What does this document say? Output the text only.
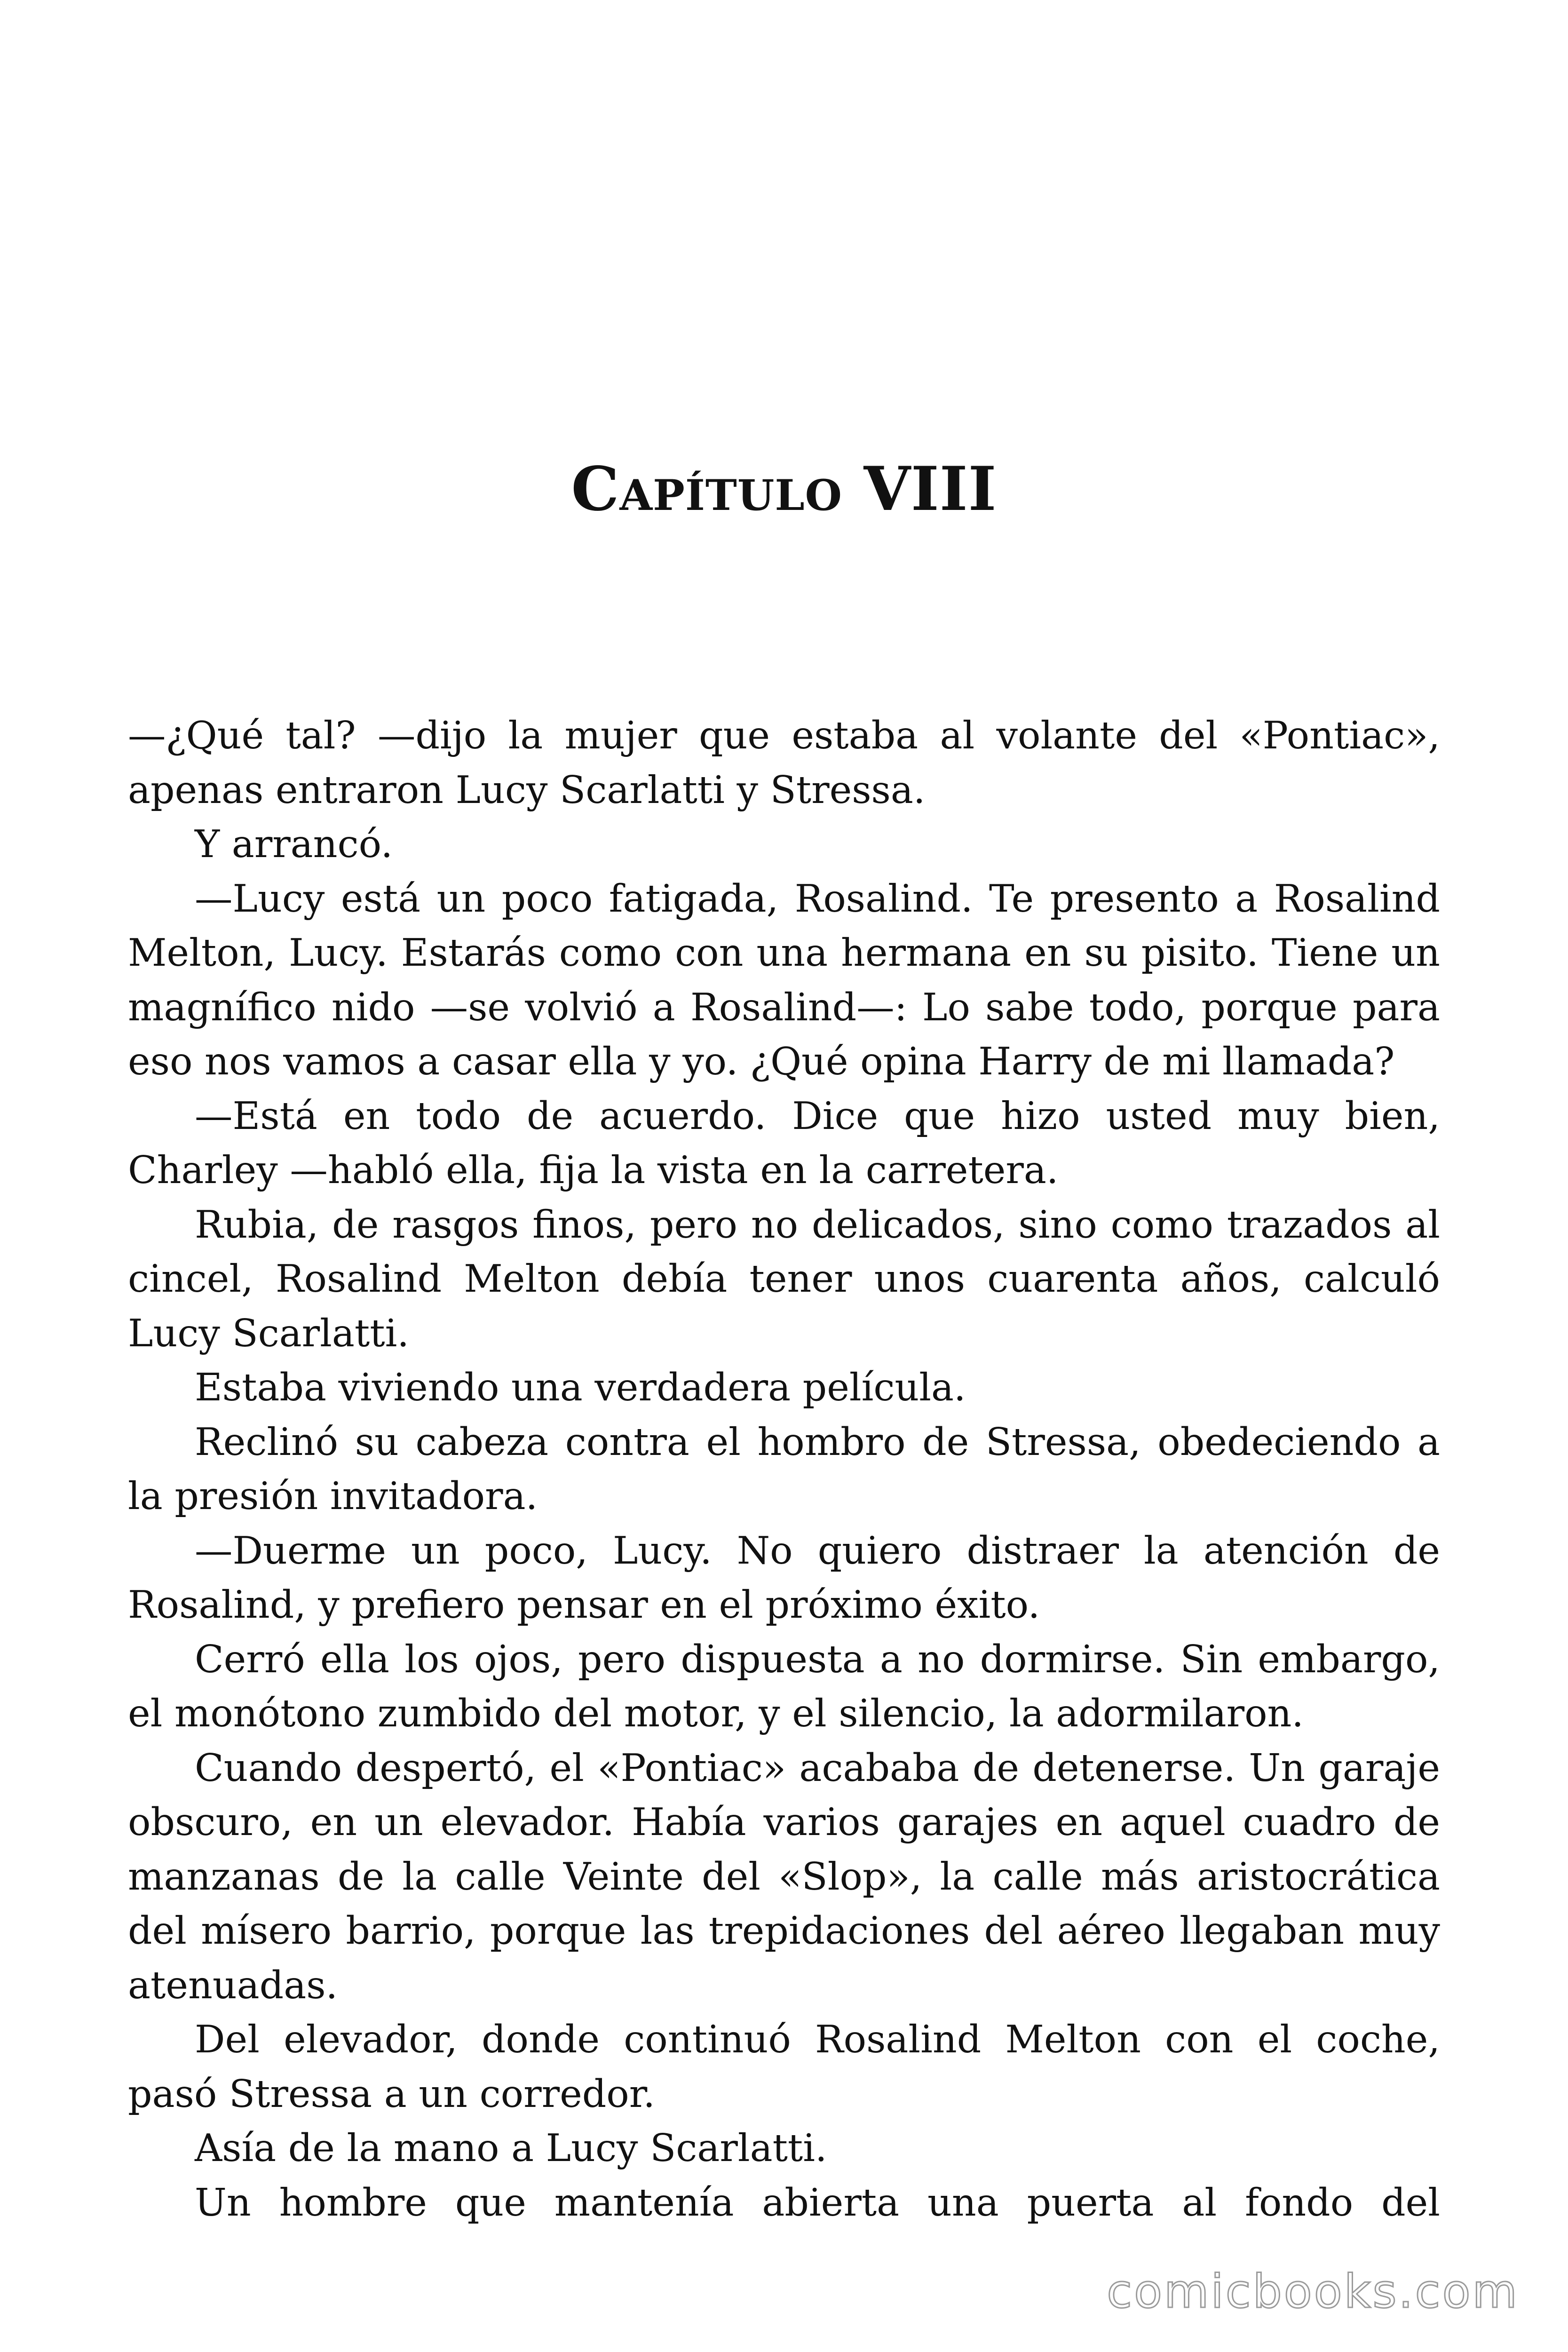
Capítulo VIII

—¿Qué tal? —dijo la mujer que estaba al volante del «Pontiac», apenas entraron Lucy Scarlatti y Stressa.

Y arrancó.

—Lucy está un poco fatigada, Rosalind. Te presento a Rosalind Melton, Lucy. Estarás como con una hermana en su pisito. Tiene un magnífico nido —se volvió a Rosalind—: Lo sabe todo, porque para eso nos vamos a casar ella y yo. ¿Qué opina Harry de mi llamada?

—Está en todo de acuerdo. Dice que hizo usted muy bien, Charley —habló ella, fija la vista en la carretera.

Rubia, de rasgos finos, pero no delicados, sino como trazados al cincel, Rosalind Melton debía tener unos cuarenta años, calculó Lucy Scarlatti.

Estaba viviendo una verdadera película.

Reclinó su cabeza contra el hombro de Stressa, obedeciendo a la presión invitadora.

—Duerme un poco, Lucy. No quiero distraer la atención de Rosalind, y prefiero pensar en el próximo éxito.

Cerró ella los ojos, pero dispuesta a no dormirse. Sin embargo, el monótono zumbido del motor, y el silencio, la adormilaron.

Cuando despertó, el «Pontiac» acababa de detenerse. Un garaje obscuro, en un elevador. Había varios garajes en aquel cuadro de manzanas de la calle Veinte del «Slop», la calle más aristocrática del mísero barrio, porque las trepidaciones del aéreo llegaban muy atenuadas.

Del elevador, donde continuó Rosalind Melton con el coche, pasó Stressa a un corredor.

Asía de la mano a Lucy Scarlatti.

Un hombre que mantenía abierta una puerta al fondo del

comicbooks.com
